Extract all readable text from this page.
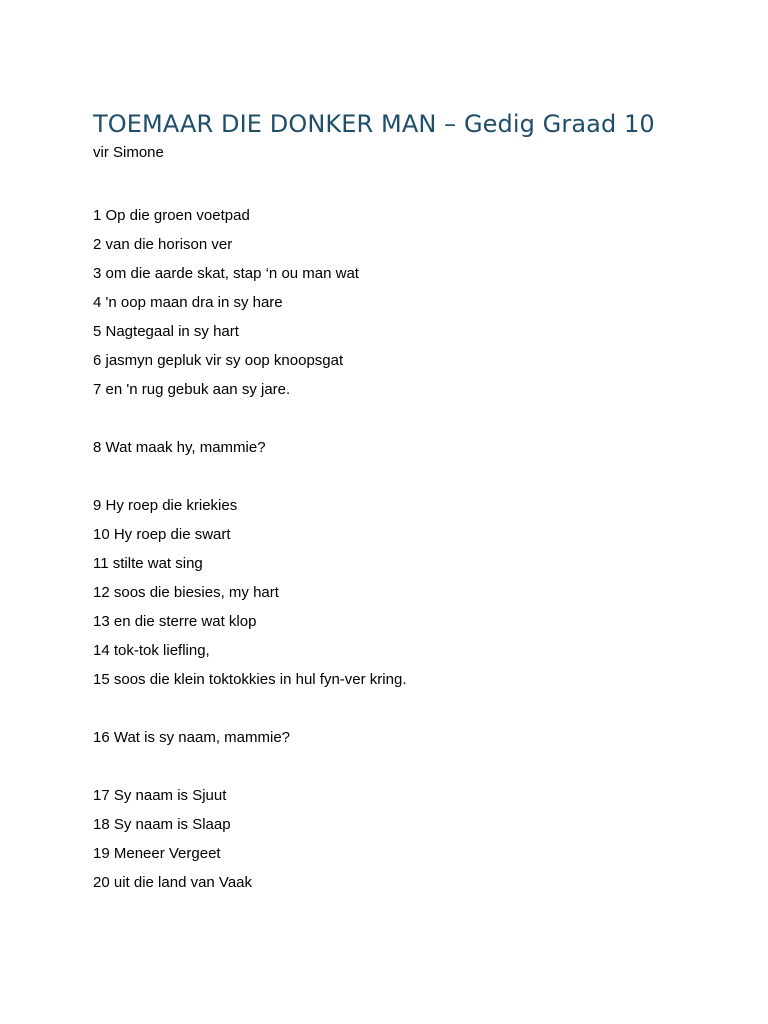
TOEMAAR DIE DONKER MAN – Gedig Graad 10
vir Simone
1 Op die groen voetpad
2 van die horison ver
3 om die aarde skat, stap ‘n ou man wat
4 'n oop maan dra in sy hare
5 Nagtegaal in sy hart
6 jasmyn gepluk vir sy oop knoopsgat
7 en 'n rug gebuk aan sy jare.
8 Wat maak hy, mammie?
9 Hy roep die kriekies
10 Hy roep die swart
11 stilte wat sing
12 soos die biesies, my hart
13 en die sterre wat klop
14 tok-tok liefling,
15 soos die klein toktokkies in hul fyn-ver kring.
16 Wat is sy naam, mammie?
17 Sy naam is Sjuut
18 Sy naam is Slaap
19 Meneer Vergeet
20 uit die land van Vaak
